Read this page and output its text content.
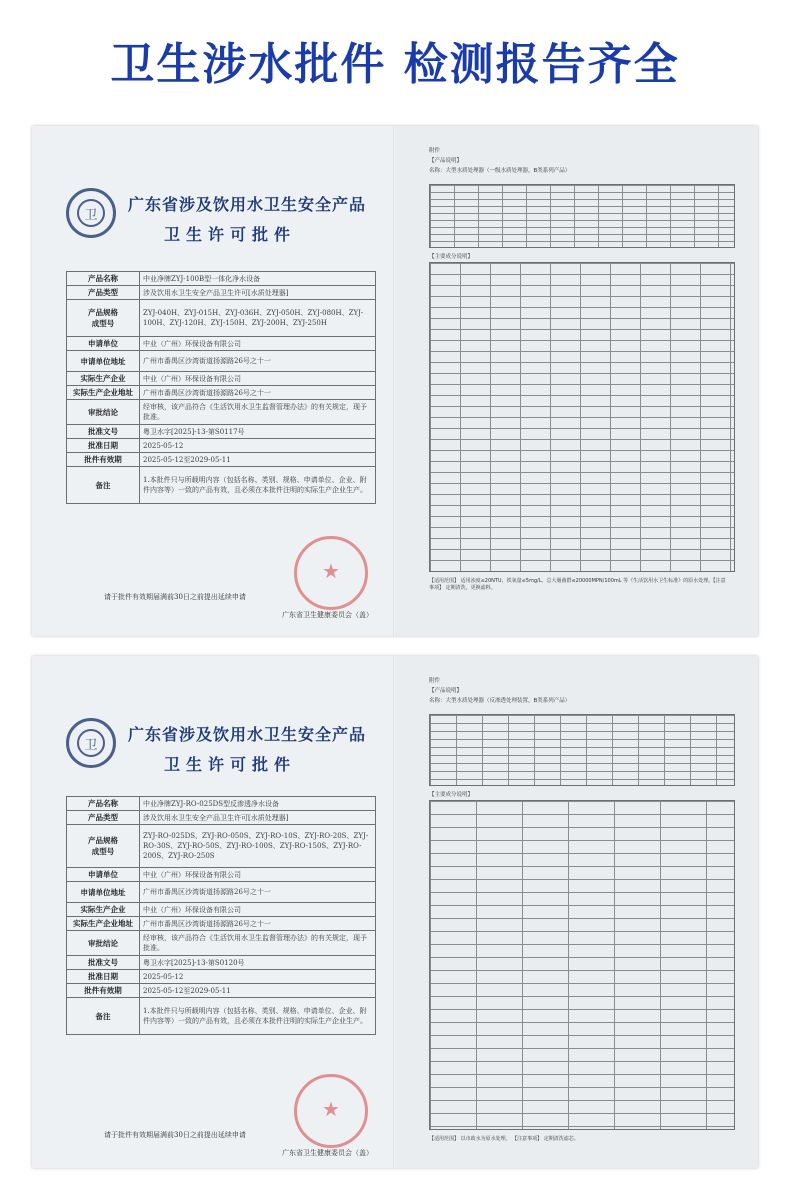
卫生涉水批件 检测报告齐全
卫
广东省涉及饮用水卫生安全产品
卫生许可批件
产品名称	中业净牌ZYJ-100B型一体化净水设备
产品类型	涉及饮用水卫生安全产品卫生许可[水质处理器]
产品规格
成型号	ZYJ-040H、ZYJ-015H、ZYJ-036H、ZYJ-050H、ZYJ-080H、ZYJ-100H、ZYJ-120H、ZYJ-150H、ZYJ-200H、ZYJ-250H
申请单位	中业（广州）环保设备有限公司
申请单位地址	广州市番禺区沙湾街道扬源路26号之十一
实际生产企业	中业（广州）环保设备有限公司
实际生产企业地址	广州市番禺区沙湾街道扬源路26号之十一
审批结论	经审核，该产品符合《生活饮用水卫生监督管理办法》的有关规定，现予批准。
批准文号	粤卫水字[2025]-13-第S0117号
批准日期	2025-05-12
批件有效期	2025-05-12至2029-05-11
备注	1.本批件只与所载明内容（包括名称、类别、规格、申请单位、企业、附件内容等）一致的产品有效，且必须在本批件注明的实际生产企业生产。
★
请于批件有效期届满前30日之前提出延续申请
广东省卫生健康委员会（盖）
附件
【产品说明】
名称：大型水质处理器（一级水质处理器，B类系列产品）
【主要成分说明】
【适用范围】 适用浊度≤20NTU、铁氧量≤5mg/L、总大肠菌群≤20000MPN/100mL 等《生活饮用水卫生标准》的原水处理。【注意事项】 定期清洗，更换滤料。
卫
广东省涉及饮用水卫生安全产品
卫生许可批件
产品名称	中业净牌ZYJ-RO-025DS型反渗透净水设备
产品类型	涉及饮用水卫生安全产品卫生许可[水质处理器]
产品规格
成型号	ZYJ-RO-025DS、ZYJ-RO-050S、ZYJ-RO-10S、ZYJ-RO-20S、ZYJ-RO-30S、ZYJ-RO-50S、ZYJ-RO-100S、ZYJ-RO-150S、ZYJ-RO-200S、ZYJ-RO-250S
申请单位	中业（广州）环保设备有限公司
申请单位地址	广州市番禺区沙湾街道扬源路26号之十一
实际生产企业	中业（广州）环保设备有限公司
实际生产企业地址	广州市番禺区沙湾街道扬源路26号之十一
审批结论	经审核，该产品符合《生活饮用水卫生监督管理办法》的有关规定，现予批准。
批准文号	粤卫水字[2025]-13-第S0120号
批准日期	2025-05-12
批件有效期	2025-05-12至2029-05-11
备注	1.本批件只与所载明内容（包括名称、类别、规格、申请单位、企业、附件内容等）一致的产品有效，且必须在本批件注明的实际生产企业生产。
★
请于批件有效期届满前30日之前提出延续申请
广东省卫生健康委员会（盖）
附件
【产品说明】
名称：大型水质处理器（反渗透处理装置，B类系列产品）
【主要成分说明】
【适用范围】 以市政水为原水处理。 【注意事项】 定期清洗滤芯。
